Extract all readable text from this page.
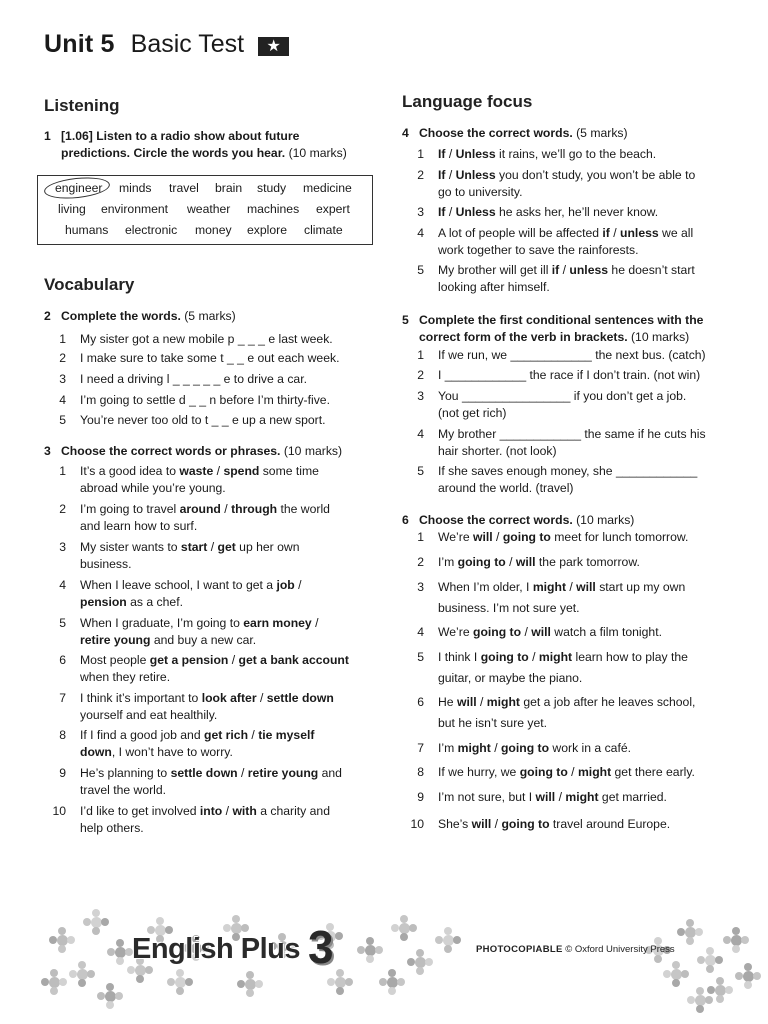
Unit 5 Basic Test	★
Listening
1 [1.06] Listen to a radio show about future
predictions. Circle the words you hear. (10 marks)
engineer minds travel brain study medicine
living environment weather machines expert
humans electronic money explore climate
Vocabulary
2 Complete the words. (5 marks)
3 Choose the correct words or phrases. (10 marks)
Language focus
4 Choose the correct words. (5 marks)
5 Complete the first conditional sentences with the
correct form of the verb in brackets. (10 marks)
6 Choose the correct words. (10 marks)
English Plus 3	PHOTOCOPIABLE © Oxford University Press
1 My sister got a new mobile p _ _ _ e last week.
2 I make sure to take some t _ _ e out each week.
3 I need a driving l _ _ _ _ _ e to drive a car.
4 I’m going to settle d _ _ n before I’m thirty-five.
5 You’re never too old to t _ _ e up a new sport.
1 It’s a good idea to waste / spend some time
abroad while you’re young.
2 I’m going to travel around / through the world
and learn how to surf.
3 My sister wants to start / get up her own
business.
4 When I leave school, I want to get a job /
pension as a chef.
5 When I graduate, I’m going to earn money /
retire young and buy a new car.
6 Most people get a pension / get a bank account
when they retire.
7 I think it’s important to look after / settle down
yourself and eat healthily.
8 If I find a good job and get rich / tie myself
down, I won’t have to worry.
9 He’s planning to settle down / retire young and
travel the world.
10 I’d like to get involved into / with a charity and
help others.
1 If / Unless it rains, we’ll go to the beach.
2 If / Unless you don’t study, you won’t be able to
go to university.
3 If / Unless he asks her, he’ll never know.
4 A lot of people will be affected if / unless we all
work together to save the rainforests.
5 My brother will get ill if / unless he doesn’t start
looking after himself.
1 If we run, we ____________ the next bus. (catch)
2 I ____________ the race if I don’t train. (not win)
3 You ________________ if you don’t get a job.
(not get rich)
4 My brother ____________ the same if he cuts his
hair shorter. (not look)
5 If she saves enough money, she ____________
around the world. (travel)
1 We’re will / going to meet for lunch tomorrow.
2 I’m going to / will the park tomorrow.
3 When I’m older, I might / will start up my own
business. I’m not sure yet.
4 We’re going to / will watch a film tonight.
5 I think I going to / might learn how to play the
guitar, or maybe the piano.
6 He will / might get a job after he leaves school,
but he isn’t sure yet.
7 I’m might / going to work in a café.
8 If we hurry, we going to / might get there early.
9 I’m not sure, but I will / might get married.
10 She’s will / going to travel around Europe.
